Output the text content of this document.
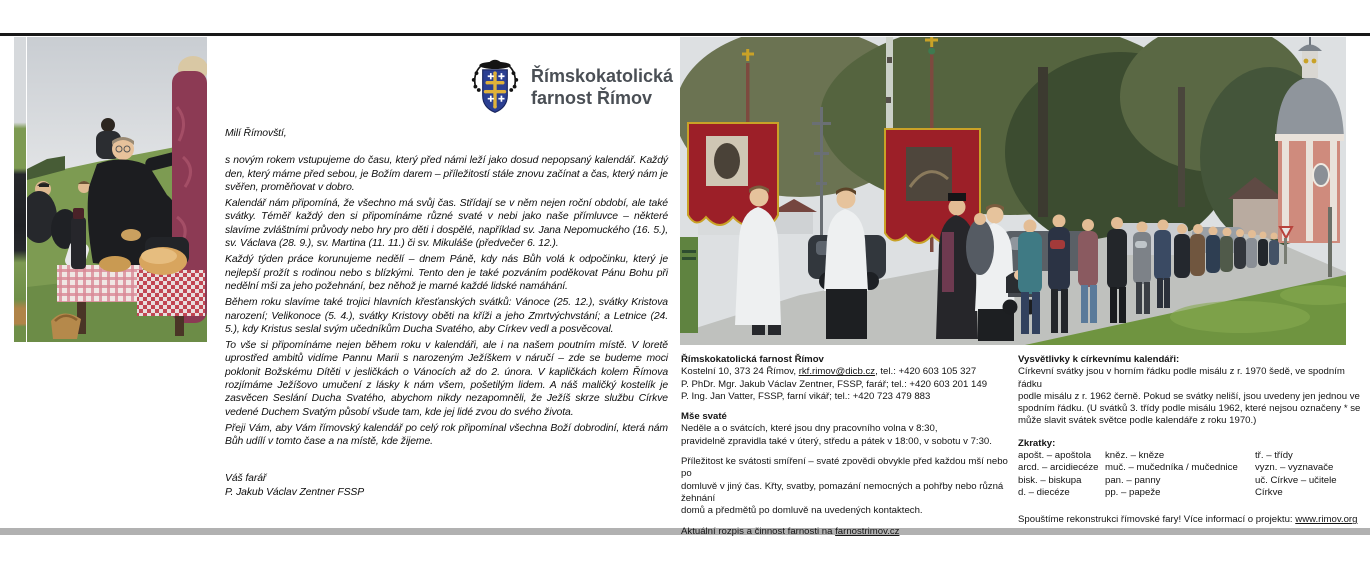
Římskokatolická
farnost Římov

Milí Římovští,

s novým rokem vstupujeme do času, který před námi leží jako dosud nepopsaný kalendář. Každý den, který máme před sebou, je Božím darem – příležitostí stále znovu začínat a čas, který nám je svěřen, proměňovat v dobro.

Kalendář nám připomíná, že všechno má svůj čas. Střídají se v něm nejen roční období, ale také svátky. Téměř každý den si připomínáme různé svaté v nebi jako naše přímluvce – některé slavíme zvláštními průvody nebo hry pro děti i dospělé, například sv. Jana Nepomuckého (16. 5.), sv. Václava (28. 9.), sv. Martina (11. 11.) či sv. Mikuláše (předvečer 6. 12.).

Každý týden práce korunujeme nedělí – dnem Páně, kdy nás Bůh volá k odpočinku, který je nejlepší prožít s rodinou nebo s blízkými. Tento den je také pozváním poděkovat Pánu Bohu při nedělní mši za jeho požehnání, bez něhož je marné každé lidské namáhání.

Během roku slavíme také trojici hlavních křesťanských svátků: Vánoce (25. 12.), svátky Kristova narození; Velikonoce (5. 4.), svátky Kristovy oběti na kříži a jeho Zmrtvýchvstání; a Letnice (24. 5.), kdy Kristus seslal svým učedníkům Ducha Svatého, aby Církev vedl a posvěcoval.

To vše si připomínáme nejen během roku v kalendáři, ale i na našem poutním místě. V loretě uprostřed ambitů vidíme Pannu Marii s narozeným Ježíškem v náručí – zde se budeme moci poklonit Božskému Dítěti v jesličkách o Vánocích až do 2. února. V kapličkách kolem Římova rozjímáme Ježíšovo umučení z lásky k nám všem, pošetilým lidem. A náš maličký kostelík je zasvěcen Seslání Ducha Svatého, abychom nikdy nezapomněli, že Ježíš skrze službu Církve vedené Duchem Svatým působí všude tam, kde jej lidé zvou do svého života.

Přeji Vám, aby Vám římovský kalendář po celý rok připomínal všechna Boží dobrodiní, která nám Bůh udílí v tomto čase a na místě, kde žijeme.

Váš farář
P. Jakub Václav Zentner FSSP
Římskokatolická farnost Římov
Kostelní 10, 373 24 Římov, rkf.rimov@dicb.cz, tel.: +420 603 105 327
P. PhDr. Mgr. Jakub Václav Zentner, FSSP, farář; tel.: +420 603 201 149
P. Ing. Jan Vatter, FSSP, farní vikář; tel.: +420 723 479 883
Mše svaté
Neděle a o svátcích, které jsou dny pracovního volna v 8:30,
pravidelně zpravidla také v úterý, středu a pátek v 18:00, v sobotu v 7:30.
Příležitost ke svátosti smíření – svaté zpovědi obvykle před každou mší nebo po
domluvě v jiný čas. Křty, svatby, pomazání nemocných a pohřby nebo různá žehnání
domů a předmětů po domluvě na uvedených kontaktech.
Aktuální rozpis a činnost farnosti na farnostrimov.cz
Vysvětlivky k církevnímu kalendáři:
Církevní svátky jsou v horním řádku podle misálu z r. 1970 šedě, ve spodním řádku
podle misálu z r. 1962 černě. Pokud se svátky neliší, jsou uvedeny jen jednou ve
spodním řádku. (U svátků 3. třídy podle misálu 1962, které nejsou označeny * se
může slavit svátek světce podle kalendáře z roku 1970.)
Zkratky:
apošt. – apoštola
arcd. – arcidiecéze
bisk. – biskupa
d. – diecéze
kněz. – kněze
muč. – mučedníka / mučednice
pan. – panny
pp. – papeže
tř. – třídy
vyzn. – vyznavače
uč. Církve – učitele Církve
Spouštíme rekonstrukci římovské fary! Více informací o projektu: www.rimov.org
